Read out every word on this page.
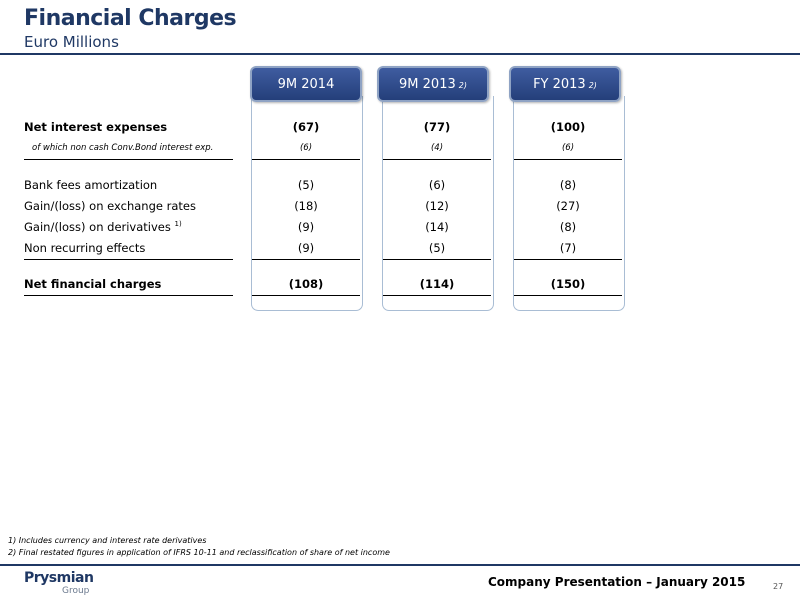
Financial Charges
Euro Millions
9M 2014	9M 2013 2)	FY 2013 2)
Net interest expenses	(67)	(77)	(100)
of which non cash Conv.Bond interest exp.	(6)	(4)	(6)
Bank fees amortization	(5)	(6)	(8)
Gain/(loss) on exchange rates	(18)	(12)	(27)
Gain/(loss) on derivatives $^{1)}$	(9)	(14)	(8)
Non recurring effects	(9)	(5)	(7)
Net financial charges	(108)	(114)	(150)
1) Includes currency and interest rate derivatives
2) Final restated figures in application of IFRS 10-11 and reclassification of share of net income
Prysmian
Group
Company Presentation – January 2015	27
